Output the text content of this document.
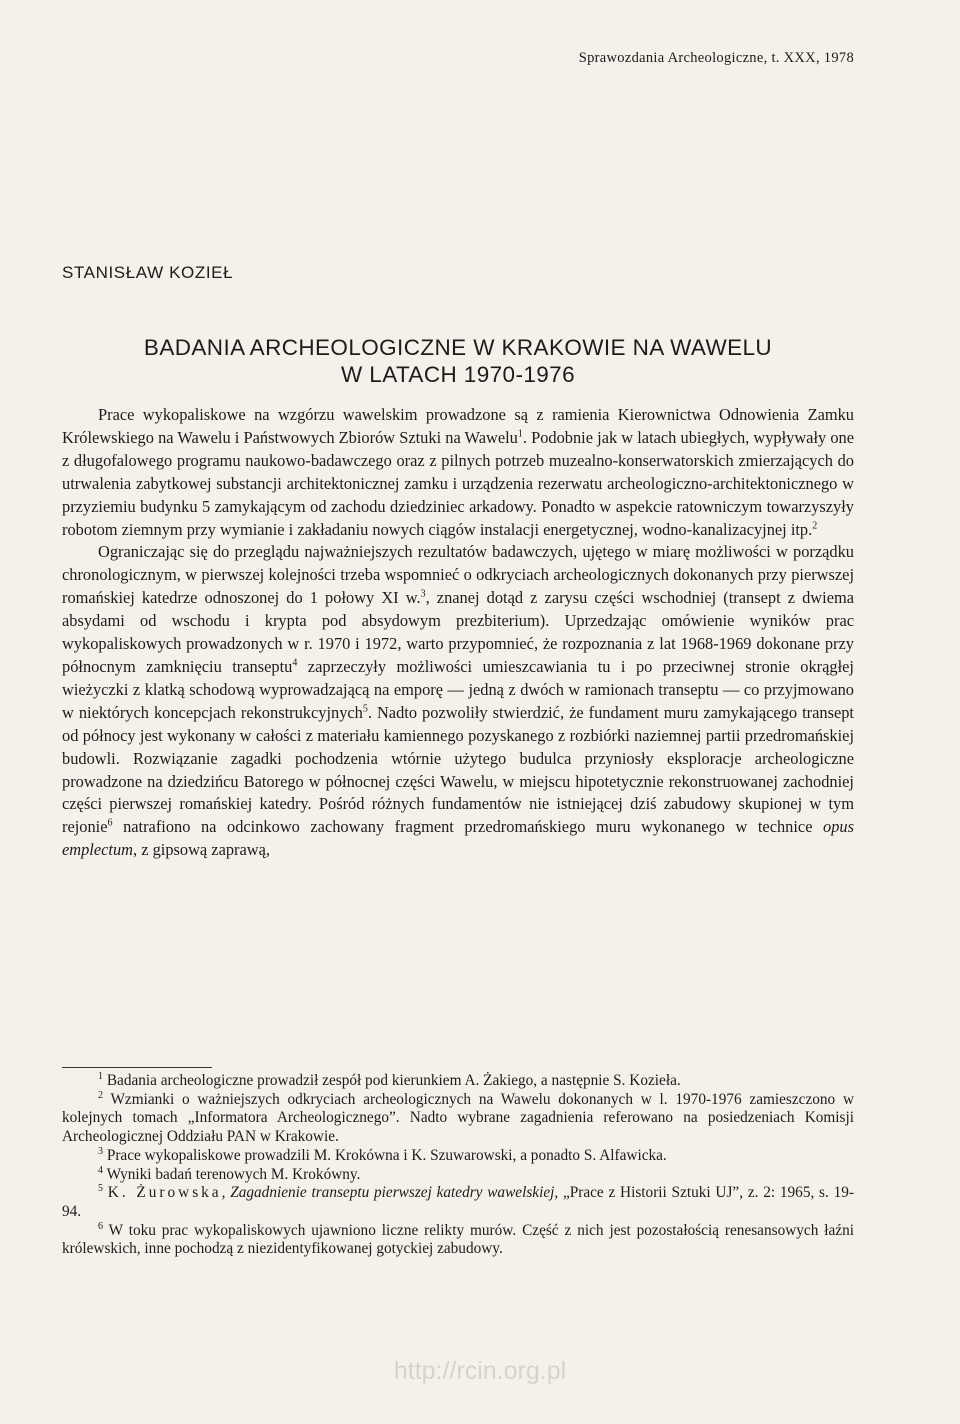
Sprawozdania Archeologiczne, t. XXX, 1978
STANISŁAW KOZIEŁ
BADANIA ARCHEOLOGICZNE W KRAKOWIE NA WAWELU
W LATACH 1970-1976

Prace wykopaliskowe na wzgórzu wawelskim prowadzone są z ramienia Kierownictwa Odnowienia Zamku Królewskiego na Wawelu i Państwowych Zbiorów Sztuki na Wawelu$^1$. Podobnie jak w latach ubiegłych, wypływały one z długofalowego programu naukowo-badawczego oraz z pilnych potrzeb muzealno-konserwatorskich zmierzających do utrwalenia zabytkowej substancji architektonicznej zamku i urządzenia rezerwatu archeologiczno-architektonicznego w przyziemiu budynku 5 zamykającym od zachodu dziedziniec arkadowy. Ponadto w aspekcie ratowniczym towarzyszyły robotom ziemnym przy wymianie i zakładaniu nowych ciągów instalacji energetycznej, wodno-kanalizacyjnej itp.$^2$

Ograniczając się do przeglądu najważniejszych rezultatów badawczych, ujętego w miarę możliwości w porządku chronologicznym, w pierwszej kolejności trzeba wspomnieć o odkryciach archeologicznych dokonanych przy pierwszej romańskiej katedrze odnoszonej do 1 połowy XI w.$^3$, znanej dotąd z zarysu części wschodniej (transept z dwiema absydami od wschodu i krypta pod absydowym prezbiterium). Uprzedzając omówienie wyników prac wykopaliskowych prowadzonych w r. 1970 i 1972, warto przypomnieć, że rozpoznania z lat 1968-1969 dokonane przy północnym zamknięciu transeptu$^4$ zaprzeczyły możliwości umieszcawiania tu i po przeciwnej stronie okrągłej wieżyczki z klatką schodową wyprowadzającą na emporę — jedną z dwóch w ramionach transeptu — co przyjmowano w niektórych koncepcjach rekonstrukcyjnych$^5$. Nadto pozwoliły stwierdzić, że fundament muru zamykającego transept od północy jest wykonany w całości z materiału kamiennego pozyskanego z rozbiórki naziemnej partii przedromańskiej budowli. Rozwiązanie zagadki pochodzenia wtórnie użytego budulca przyniosły eksploracje archeologiczne prowadzone na dziedzińcu Batorego w północnej części Wawelu, w miejscu hipotetycznie rekonstruowanej zachodniej części pierwszej romańskiej katedry. Pośród różnych fundamentów nie istniejącej dziś zabudowy skupionej w tym rejonie$^6$ natrafiono na odcinkowo zachowany fragment przedromańskiego muru wykonanego w technice opus emplectum, z gipsową zaprawą,

$^1$ Badania archeologiczne prowadził zespół pod kierunkiem A. Żakiego, a następnie S. Kozieła.

$^2$ Wzmianki o ważniejszych odkryciach archeologicznych na Wawelu dokonanych w l. 1970-1976 zamieszczono w kolejnych tomach „Informatora Archeologicznego”. Nadto wybrane zagadnienia referowano na posiedzeniach Komisji Archeologicznej Oddziału PAN w Krakowie.

$^3$ Prace wykopaliskowe prowadzili M. Krokówna i K. Szuwarowski, a ponadto S. Alfawicka.

$^4$ Wyniki badań terenowych M. Krokówny.

$^5$ K. Żurowska, Zagadnienie transeptu pierwszej katedry wawelskiej, „Prace z Historii Sztuki UJ”, z. 2: 1965, s. 19-94.

$^6$ W toku prac wykopaliskowych ujawniono liczne relikty murów. Część z nich jest pozostałością renesansowych łaźni królewskich, inne pochodzą z niezidentyfikowanej gotyckiej zabudowy.

http://rcin.org.pl
